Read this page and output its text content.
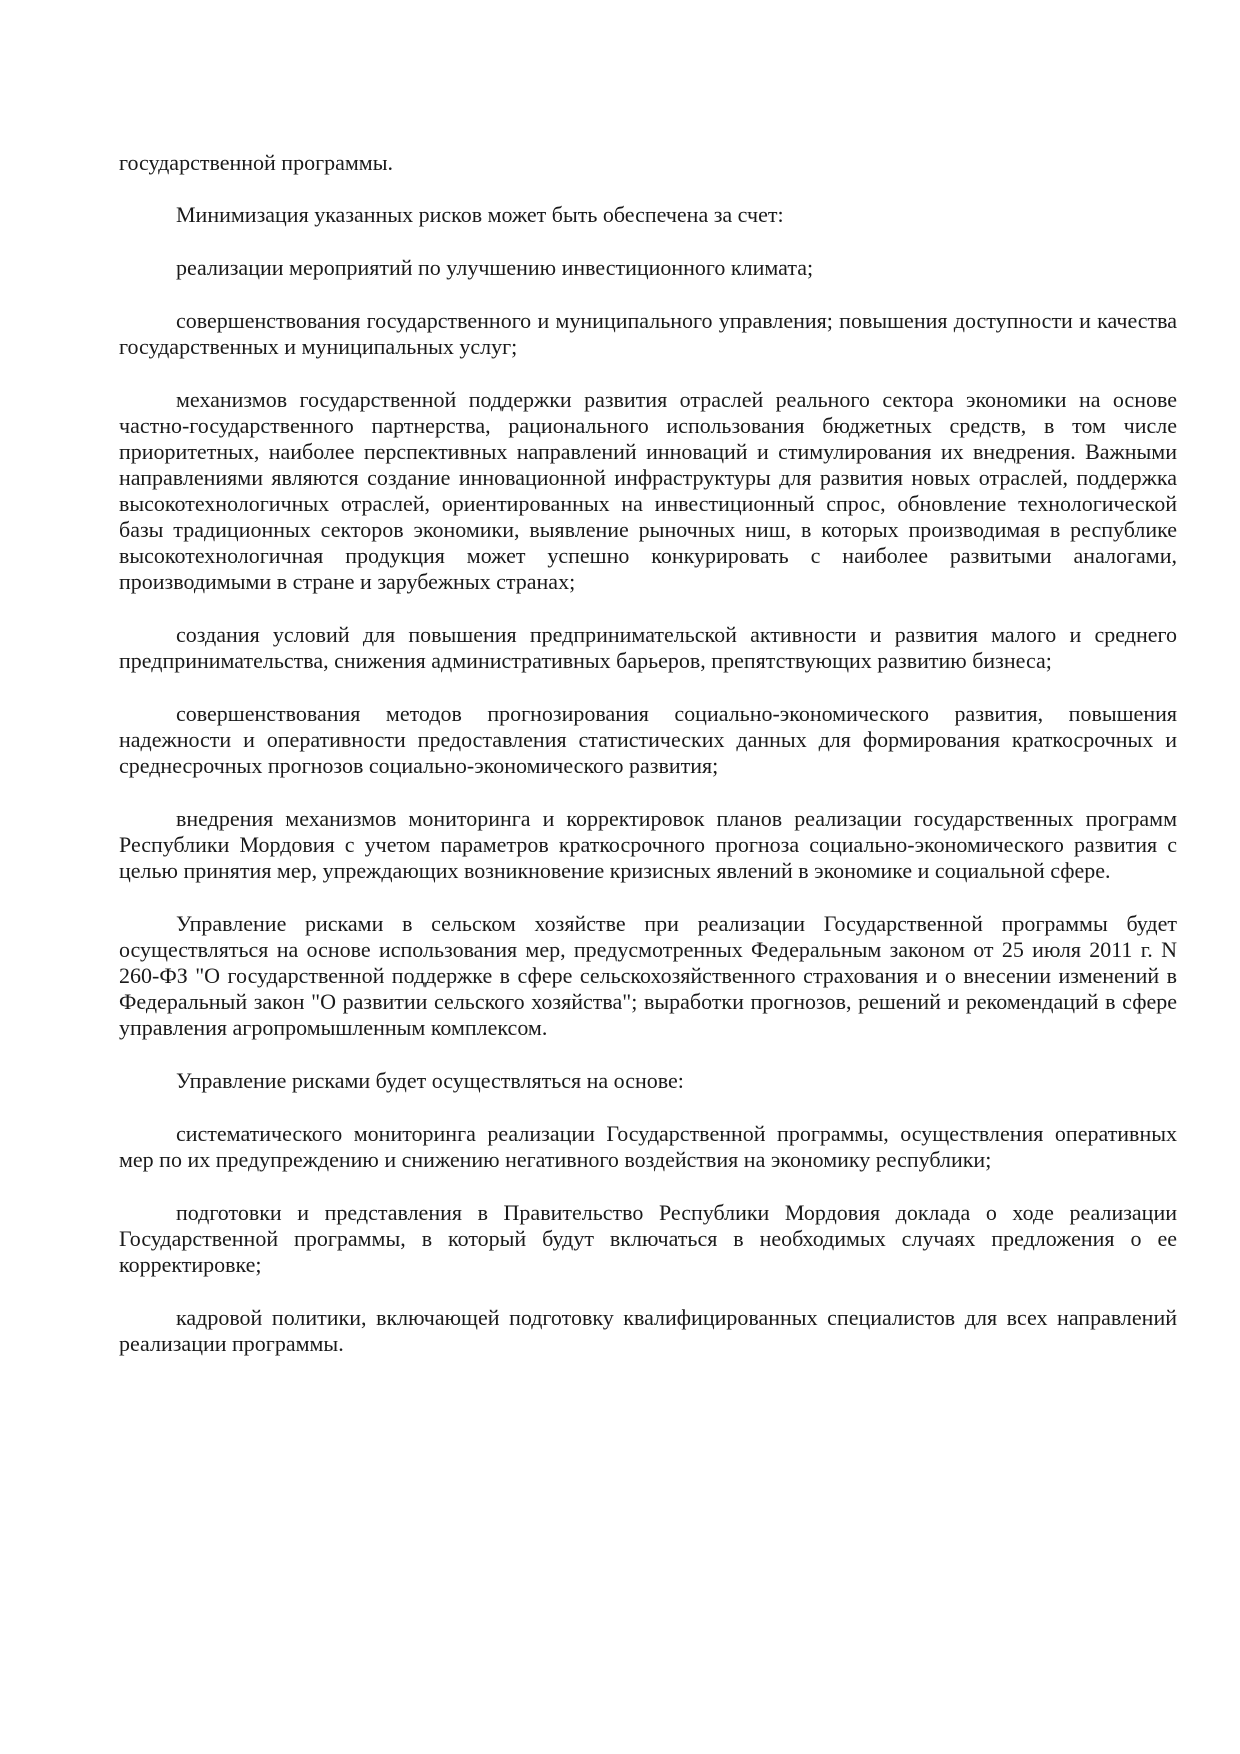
государственной программы.

Минимизация указанных рисков может быть обеспечена за счет:

реализации мероприятий по улучшению инвестиционного климата;

совершенствования государственного и муниципального управления; повышения доступности и качества государственных и муниципальных услуг;

механизмов государственной поддержки развития отраслей реального сектора экономики на основе частно-государственного партнерства, рационального использования бюджетных средств, в том числе приоритетных, наиболее перспективных направлений инноваций и стимулирования их внедрения. Важными направлениями являются создание инновационной инфраструктуры для развития новых отраслей, поддержка высокотехнологичных отраслей, ориентированных на инвестиционный спрос, обновление технологической базы традиционных секторов экономики, выявление рыночных ниш, в которых производимая в республике высокотехнологичная продукция может успешно конкурировать с наиболее развитыми аналогами, производимыми в стране и зарубежных странах;

создания условий для повышения предпринимательской активности и развития малого и среднего предпринимательства, снижения административных барьеров, препятствующих развитию бизнеса;

совершенствования методов прогнозирования социально-экономического развития, повышения надежности и оперативности предоставления статистических данных для формирования краткосрочных и среднесрочных прогнозов социально-экономического развития;

внедрения механизмов мониторинга и корректировок планов реализации государственных программ Республики Мордовия с учетом параметров краткосрочного прогноза социально-экономического развития с целью принятия мер, упреждающих возникновение кризисных явлений в экономике и социальной сфере.

Управление рисками в сельском хозяйстве при реализации Государственной программы будет осуществляться на основе использования мер, предусмотренных Федеральным законом от 25 июля 2011 г. N 260-ФЗ "О государственной поддержке в сфере сельскохозяйственного страхования и о внесении изменений в Федеральный закон "О развитии сельского хозяйства"; выработки прогнозов, решений и рекомендаций в сфере управления агропромышленным комплексом.

Управление рисками будет осуществляться на основе:

систематического мониторинга реализации Государственной программы, осуществления оперативных мер по их предупреждению и снижению негативного воздействия на экономику республики;

подготовки и представления в Правительство Республики Мордовия доклада о ходе реализации Государственной программы, в который будут включаться в необходимых случаях предложения о ее корректировке;

кадровой политики, включающей подготовку квалифицированных специалистов для всех направлений реализации программы.
